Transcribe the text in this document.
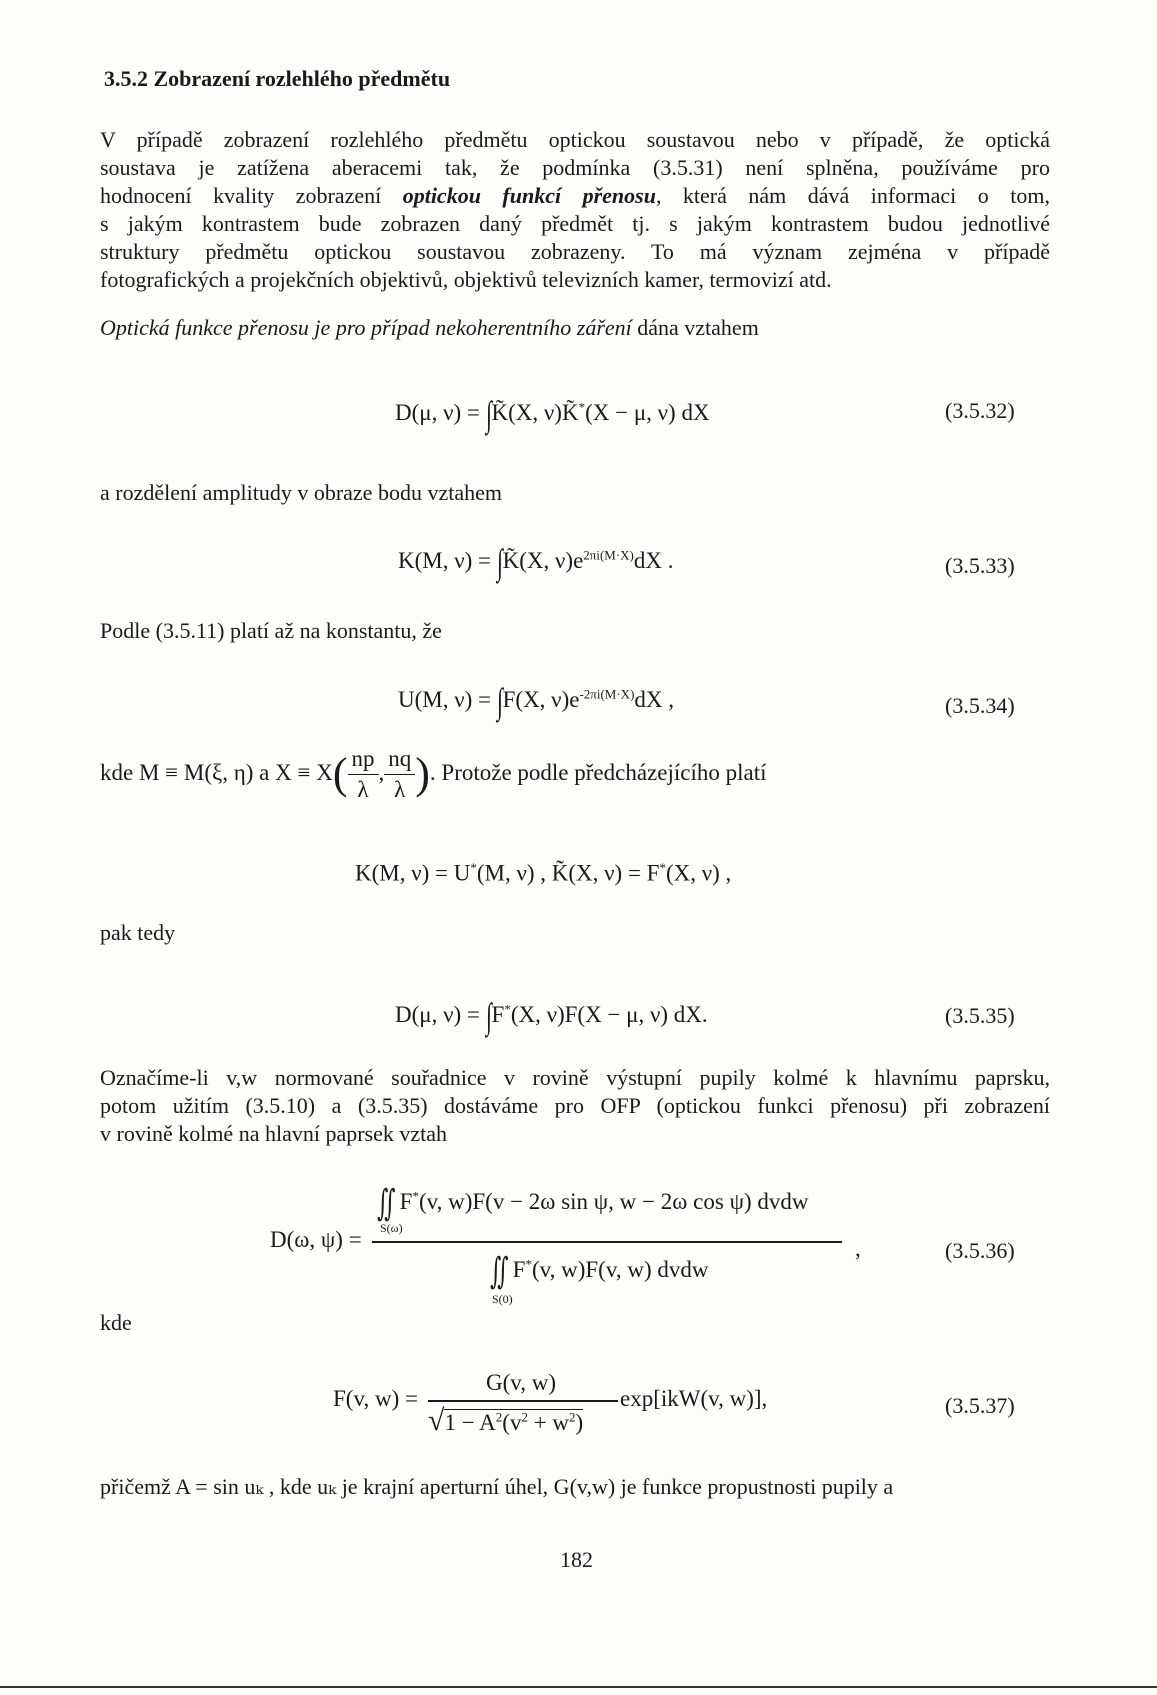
3.5.2 Zobrazení rozlehlého předmětu
V případě zobrazení rozlehlého předmětu optickou soustavou nebo v případě, že optická
soustava je zatížena aberacemi tak, že podmínka (3.5.31) není splněna, používáme pro
hodnocení kvality zobrazení optickou funkcí přenosu, která nám dává informaci o tom,
s jakým kontrastem bude zobrazen daný předmět tj. s jakým kontrastem budou jednotlivé
struktury předmětu optickou soustavou zobrazeny. To má význam zejména v případě
fotografických a projekčních objektivů, objektivů televizních kamer, termovizí atd.
Optická funkce přenosu je pro případ nekoherentního záření dána vztahem
D(μ, ν) = ∫K̃(X, ν)K̃*(X − μ, ν) dX	(3.5.32)
a rozdělení amplitudy v obraze bodu vztahem
K(M, ν) = ∫K̃(X, $\nu)e^{2\pi i(M\cdot X)}dX$ .	(3.5.33)
Podle (3.5.11) platí až na konstantu, že
U(M, ν) = ∫F(X, $\nu)e^{-2\pi i(M\cdot X)}dX$ ,	(3.5.34)
kde M ≡ M(ξ, η) a $X \equiv X( \frac{np}{\lambda}$ , $\frac{nq}{\lambda}$ ). Protože podle předcházejícího platí
K(M, ν) = U*(M, ν) , K̃(X, ν) = F*(X, ν) ,
pak tedy
D(μ, ν) = ∫F*(X, ν)F(X − μ, ν) dX.	(3.5.35)
Označíme-li v,w normované souřadnice v rovině výstupní pupily kolmé k hlavnímu paprsku,
potom užitím (3.5.10) a (3.5.35) dostáváme pro OFP (optickou funkci přenosu) při zobrazení
v rovině kolmé na hlavní paprsek vztah
D(ω, ψ) =
∬ F*(v, w)F(v − 2ω sin ψ, w − 2ω cos ψ) dvdw
S(ω)
∬ F*(v, w)F(v, w) dvdw
S(0)
,	(3.5.36)
kde
F(v, w) =
G(v, w)
$√1 - A^2(v^2 + w^2)$
exp[ikW(v, w)],	(3.5.37)
přičemž A = sin uₖ , kde uₖ je krajní aperturní úhel, G(v,w) je funkce propustnosti pupily a
182
